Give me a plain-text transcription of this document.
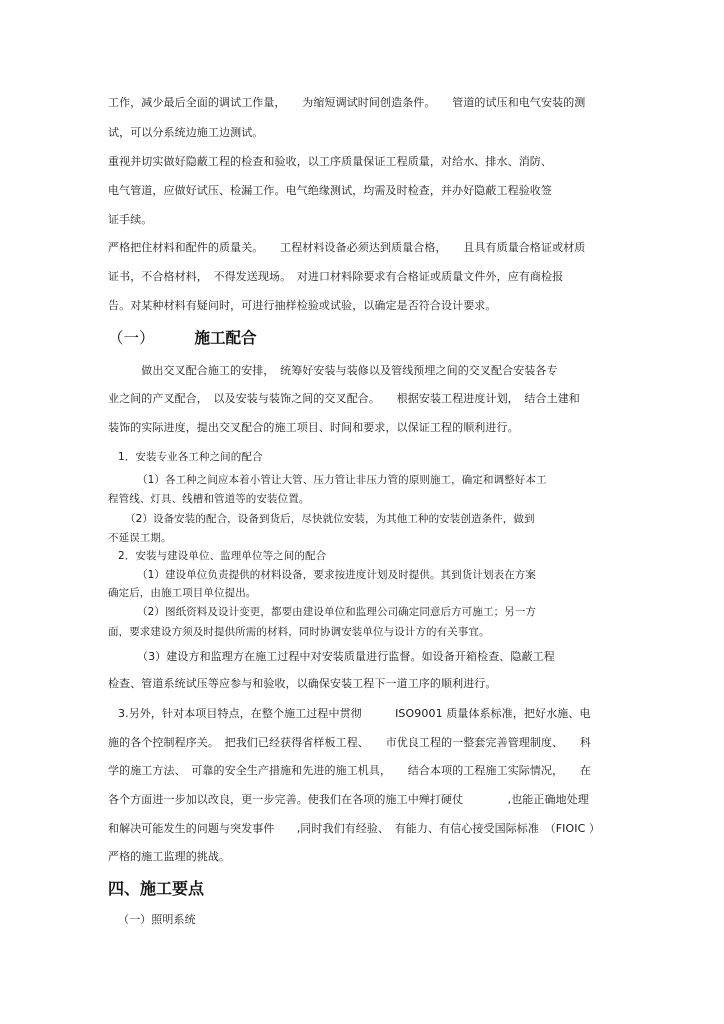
工作，减少最后全面的调试工作量，　　为缩短调试时间创造条件。　　管道的试压和电气安装的测
试，可以分系统边施工边测试。
重视并切实做好隐蔽工程的检查和验收，以工序质量保证工程质量，对给水、排水、消防、
电气管道，应做好试压、检漏工作。电气绝缘测试，均需及时检查，并办好隐蔽工程验收签
证手续。
严格把住材料和配件的质量关。　　工程材料设备必须达到质量合格，　　且具有质量合格证或材质
证书，不合格材料，　不得发送现场。　对进口材料除要求有合格证或质量文件外，应有商检报
告。对某种材料有疑问时，可进行抽样检验或试验，以确定是否符合设计要求。
（一）	施工配合
　　　做出交叉配合施工的安排，　统筹好安装与装修以及管线预埋之间的交叉配合安装各专
业之间的产叉配合，　以及安装与装饰之间的交叉配合。　　根据安装工程进度计划，　结合土建和
装饰的实际进度，提出交叉配合的施工项目、时间和要求，以保证工程的顺利进行。
1．安装专业各工种之间的配合
（1）各工种之间应本着小管让大管、压力管让非压力管的原则施工，确定和调整好本工
程管线、灯具、线槽和管道等的安装位置。
（2）设备安装的配合，设备到货后，尽快就位安装，为其他工种的安装创造条件，做到
不延误工期。
2．安装与建设单位、监理单位等之间的配合
（1）建设单位负责提供的材料设备，要求按进度计划及时提供。其到货计划表在方案
确定后，由施工项目单位提出。
（2）图纸资料及设计变更，都要由建设单位和监理公司确定同意后方可施工；另一方
面，要求建设方须及时提供所需的材料，同时协调安装单位与设计方的有关事宜。
（3）建设方和监理方在施工过程中对安装质量进行监督。如设备开箱检查、隐蔽工程
检查、管道系统试压等应参与和验收，以确保安装工程下一道工序的顺利进行。
3.另外，针对本项目特点，在整个施工过程中贯彻　　　ISO9001 质量体系标准，把好水施、电
施的各个控制程序关。　把我们已经获得省样板工程、　　市优良工程的一整套完善管理制度、　　科
学的施工方法、　可靠的安全生产措施和先进的施工机具，　　结合本项的工程施工实际情况，　　在
各个方面进一步加以改良，更一步完善。使我们在各项的施工中殚打硬仗　　　　,也能正确地处理
和解决可能发生的问题与突发事件　　,同时我们有经验、　有能力、有信心接受国际标准　（FIOIC ）
严格的施工监理的挑战。
四、施工要点
（一）照明系统
